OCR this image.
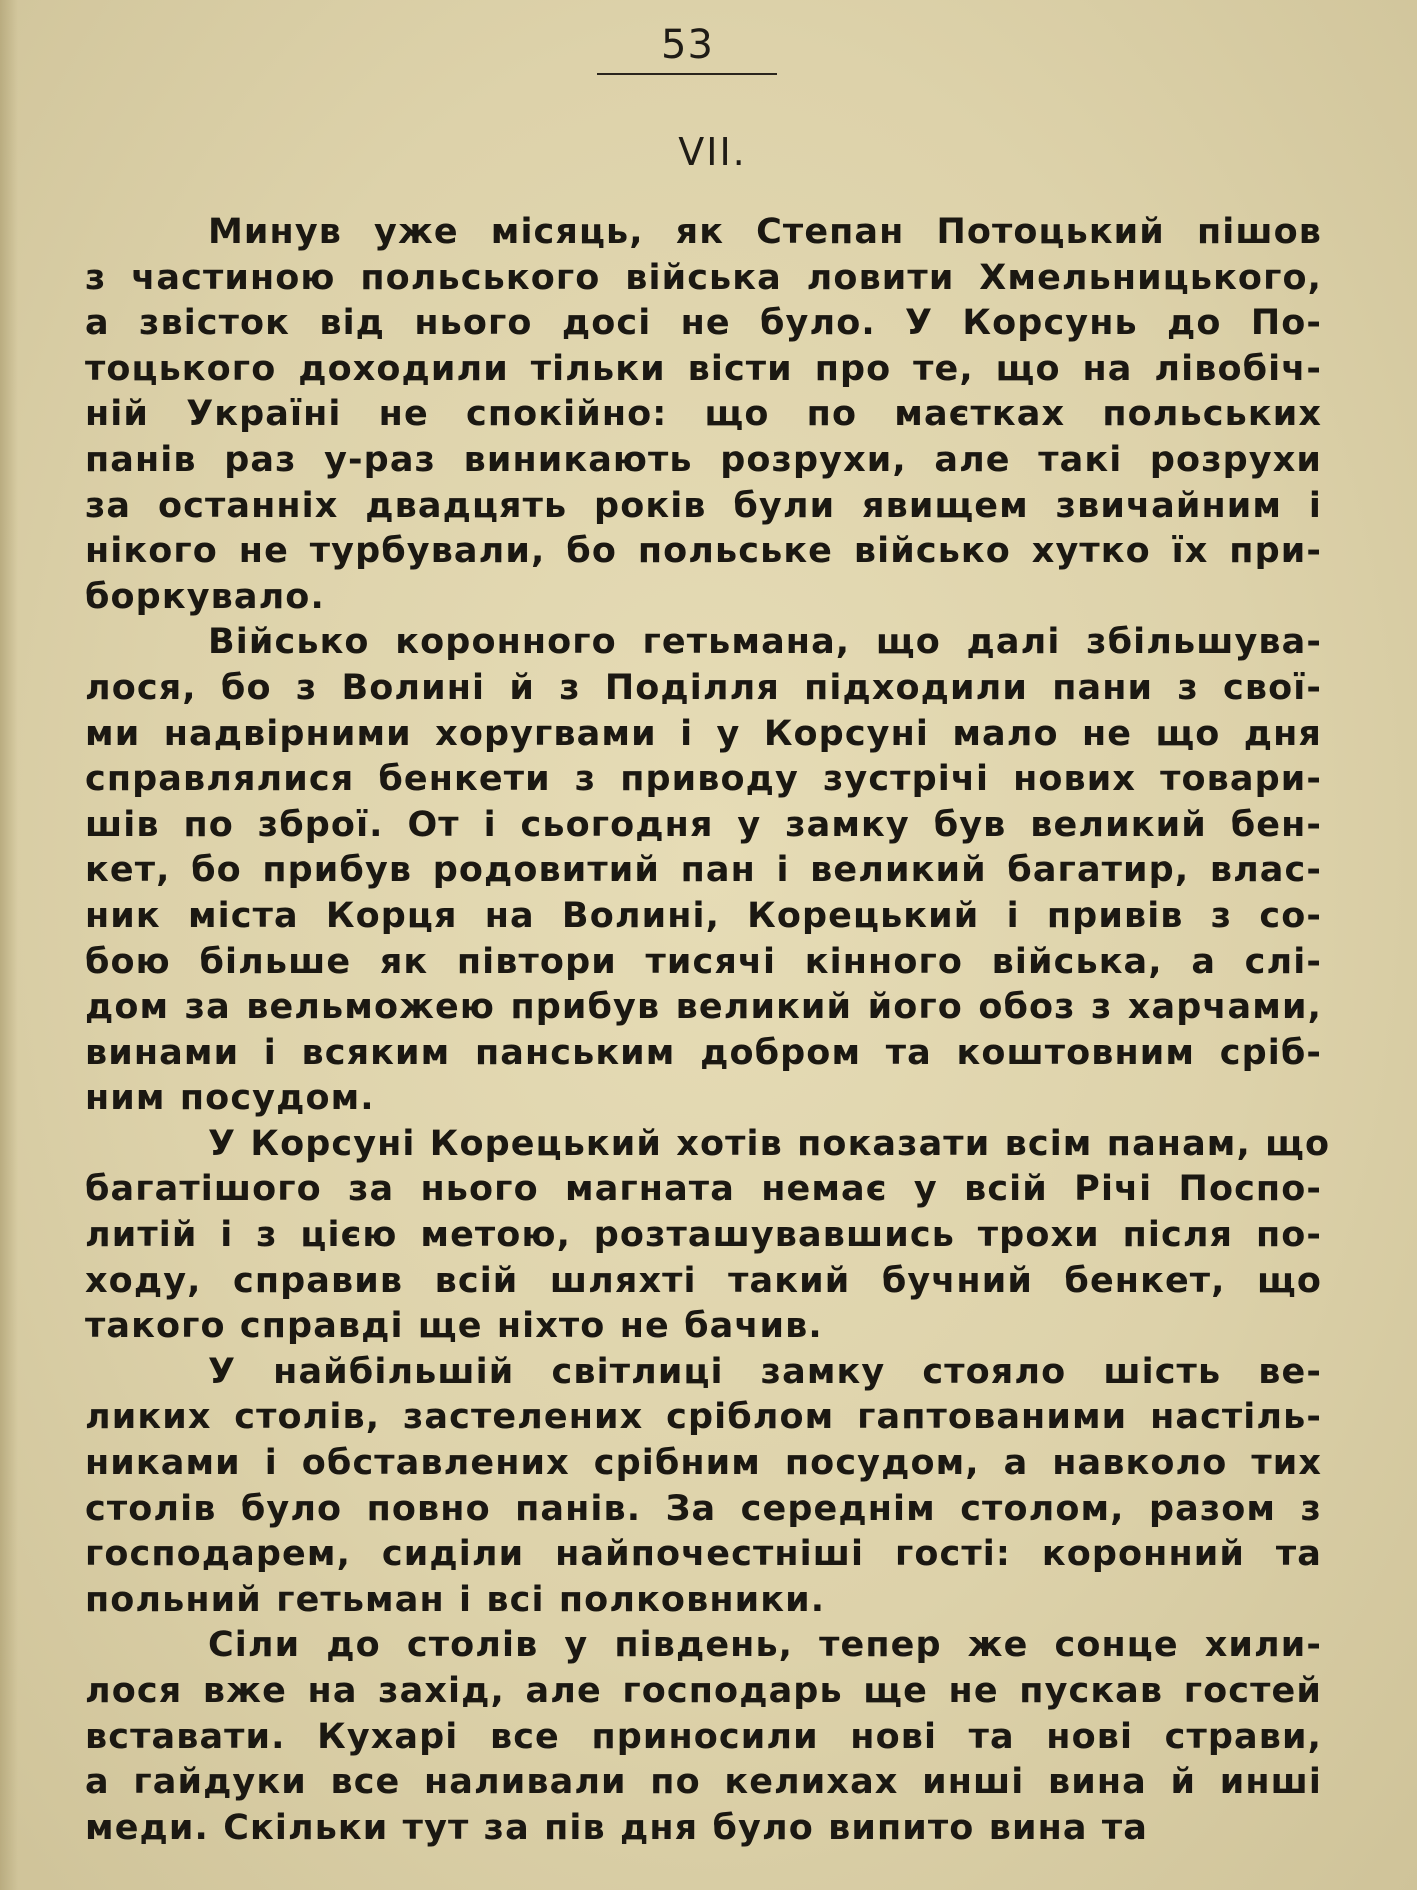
53
VII.
Минув уже місяць, як Степан Потоцький пішов
з частиною польського війська ловити Хмельницького,
а звісток від нього досі не було. У Корсунь до По-
тоцького доходили тільки вісти про те, що на лівобіч-
ній Україні не спокійно: що по маєтках польських
панів раз у-раз виникають розрухи, але такі розрухи
за останніх двадцять років були явищем звичайним і
нікого не турбували, бо польське військо хутко їх при-
боркувало.
Військо коронного гетьмана, що далі збільшува-
лося, бо з Волині й з Поділля підходили пани з свої-
ми надвірними хоругвами і у Корсуні мало не що дня
справлялися бенкети з приводу зустрічі нових товари-
шів по зброї. От і сьогодня у замку був великий бен-
кет, бо прибув родовитий пан і великий багатир, влас-
ник міста Корця на Волині, Корецький і привів з со-
бою більше як півтори тисячі кінного війська, а слі-
дом за вельможею прибув великий його обоз з харчами,
винами і всяким панським добром та коштовним сріб-
ним посудом.
У Корсуні Корецький хотів показати всім панам, що
багатішого за нього магната немає у всій Річі Поспо-
литій і з цією метою, розташувавшись трохи після по-
ходу, справив всій шляхті такий бучний бенкет, що
такого справді ще ніхто не бачив.
У найбільшій світлиці замку стояло шість ве-
ликих столів, застелених сріблом гаптованими настіль-
никами і обставлених срібним посудом, а навколо тих
столів було повно панів. За середнім столом, разом з
господарем, сиділи найпочестніші гості: коронний та
польний гетьман і всі полковники.
Сіли до столів у південь, тепер же сонце хили-
лося вже на захід, але господарь ще не пускав гостей
вставати. Кухарі все приносили нові та нові страви,
а гайдуки все наливали по келихах инші вина й инші
меди. Скільки тут за пів дня було випито вина та
